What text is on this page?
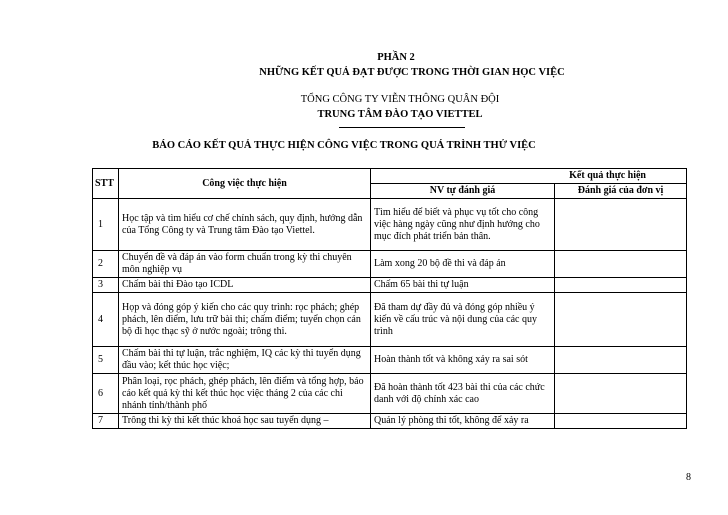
PHẦN 2
NHỮNG KẾT QUẢ ĐẠT ĐƯỢC TRONG THỜI GIAN HỌC VIỆC
TỔNG CÔNG TY VIỄN THÔNG QUÂN ĐỘI
TRUNG TÂM ĐÀO TẠO VIETTEL
BÁO CÁO KẾT QUẢ THỰC HIỆN CÔNG VIỆC TRONG QUÁ TRÌNH THỬ VIỆC
STT	Công việc thực hiện	Kết quả thực hiện	
		NV tự đánh giá	Đánh giá của đơn vị
1	Học tập và tìm hiểu cơ chế chính sách, quy định, hướng dẫn của Tổng Công ty và Trung tâm Đào tạo Viettel.	Tìm hiểu để biết và phục vụ tốt cho công việc hàng ngày cũng như định hướng cho mục đích phát triển bản thân.	
2	Chuyển đề và đáp án vào form chuẩn trong kỳ thi chuyên môn nghiệp vụ	Làm xong 20 bộ đề thi và đáp án	
3	Chấm bài thi Đào tạo ICDL	Chấm 65 bài thi tự luận	
4	Họp và đóng góp ý kiến cho các quy trình: rọc phách; ghép phách, lên điểm, lưu trữ bài thi; chấm điểm; tuyển chọn cán bộ đi học thạc sỹ ở nước ngoài; trông thi.	Đã tham dự đầy đủ và đóng góp nhiều ý kiến về cấu trúc và nội dung của các quy trình	
5	Chấm bài thi tự luận, trắc nghiệm, IQ các kỳ thi tuyển dụng đầu vào; kết thúc học việc;	Hoàn thành tốt và không xảy ra sai sót	
6	Phân loại, rọc phách, ghép phách, lên điểm và tổng hợp, báo cáo kết quả kỳ thi kết thúc học việc tháng 2 của các chi nhánh tỉnh/thành phố	Đã hoàn thành tốt 423 bài thi của các chức danh với độ chính xác cao	
7	Trông thi kỳ thi kết thúc khoá học sau tuyển dụng –	Quản lý phòng thi tốt, không để xảy ra	
8
